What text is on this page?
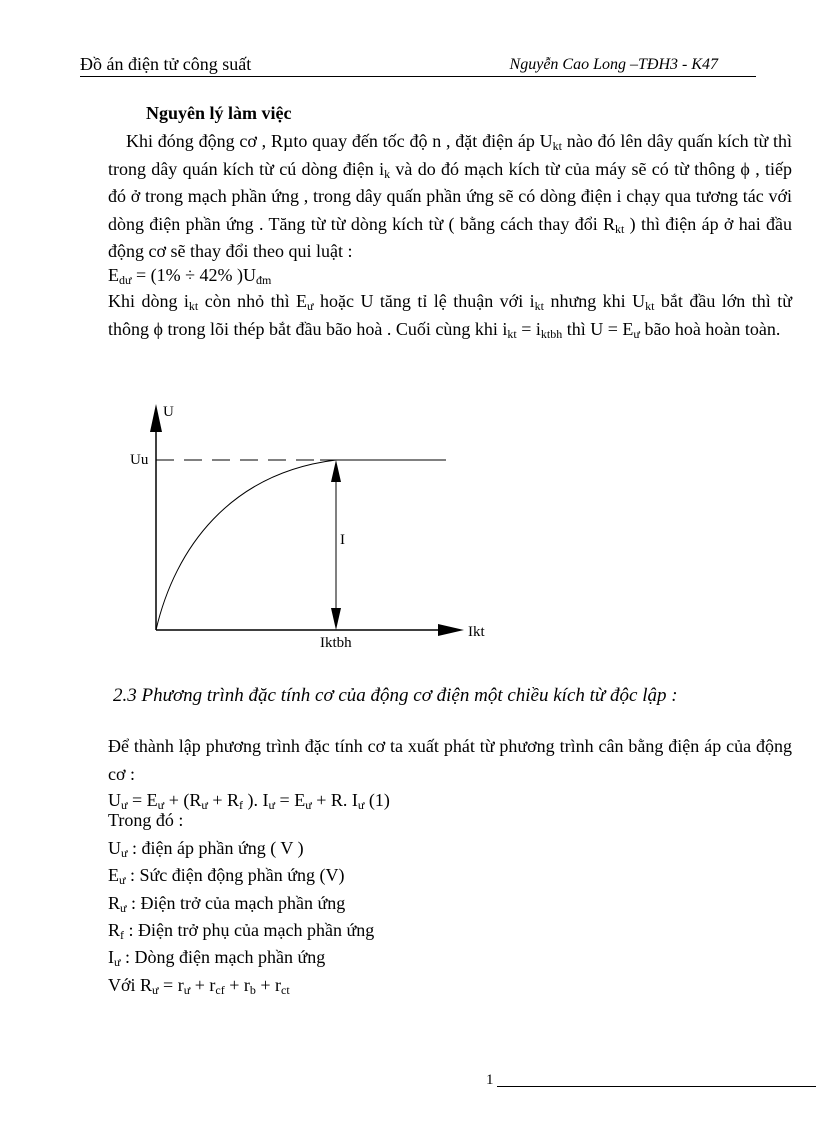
Đồ án điện tử công suất	Nguyễn Cao Long –TĐH3 - K47
Nguyên lý làm việc

Khi đóng động cơ , Rµto quay đến tốc độ n , đặt điện áp $U_{kt}$ nào đó lên dây quấn kích từ thì trong dây quán kích từ cú dòng điện $i_k$ và do đó mạch kích từ của máy sẽ có từ thông ϕ , tiếp đó ở trong mạch phần ứng , trong dây quấn phần ứng sẽ có dòng điện i chạy qua tương tác với dòng điện phần ứng . Tăng từ từ dòng kích từ ( bằng cách thay đổi $R_{kt}$ ) thì điện áp ở hai đầu động cơ sẽ thay đổi theo qui luật :

$E_{dư} = (1\% \div 42\%$ )$U_{đm}$

Khi dòng $i_{kt}$ còn nhỏ thì $E_ư$ hoặc U tăng tỉ lệ thuận với $i_{kt}$ nhưng khi $U_{kt}$ bắt đầu lớn thì từ thông ϕ trong lõi thép bắt đầu bão hoà . Cuối cùng khi $i_{kt} = i_{ktbh}$ thì $U = E_ư$ bão hoà hoàn toàn.

U
Ikt
Uu
I
Iktbh
2.3 Phương trình đặc tính cơ của động cơ điện một chiều kích từ độc lập :

Để thành lập phương trình đặc tính cơ ta xuất phát từ phương trình cân bằng điện áp của động cơ :

$U_ư = E_ư + (R_ư + R_f$ ). $I_ư = E_ư + R$. $I_ư$ (1)
Trong đó :
$U_ư$ : điện áp phần ứng ( V )
$E_ư$ : Sức điện động phần ứng (V)
$R_ư$ : Điện trở của mạch phần ứng
$R_f$ : Điện trở phụ của mạch phần ứng
$I_ư$ : Dòng điện mạch phần ứng
Với $R_ư = r_ư + r_{cf} + r_b + r_{ct}$
1
